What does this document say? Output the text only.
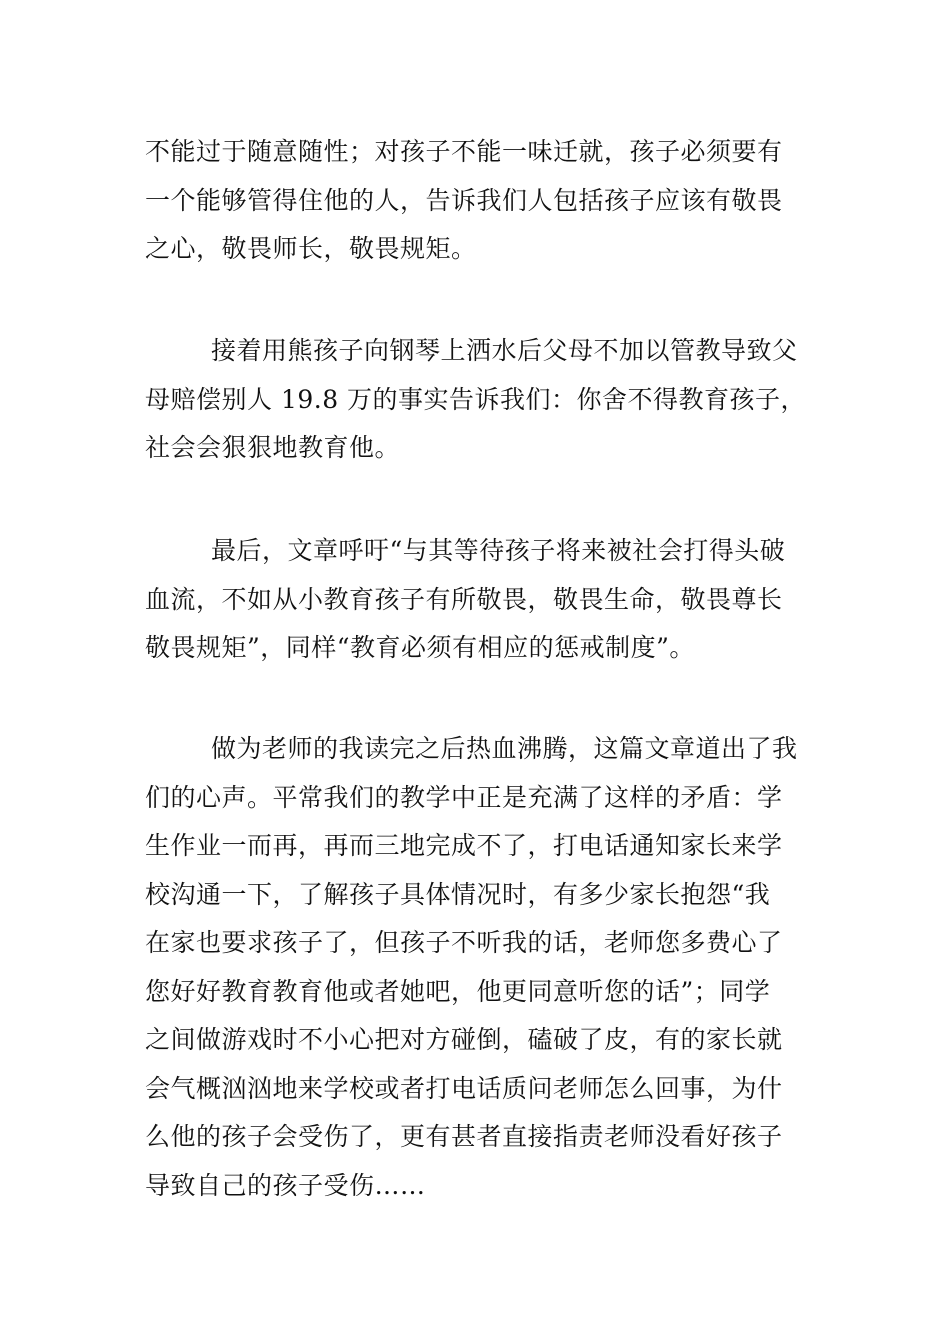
不能过于随意随性；对孩子不能一味迁就，孩子必须要有
一个能够管得住他的人，告诉我们人包括孩子应该有敬畏
之心，敬畏师长，敬畏规矩。
接着用熊孩子向钢琴上洒水后父母不加以管教导致父
母赔偿别人 19.8 万的事实告诉我们：你舍不得教育孩子，
社会会狠狠地教育他。
最后，文章呼吁“与其等待孩子将来被社会打得头破
血流，不如从小教育孩子有所敬畏，敬畏生命，敬畏尊长
敬畏规矩”，同样“教育必须有相应的惩戒制度”。
做为老师的我读完之后热血沸腾，这篇文章道出了我
们的心声。平常我们的教学中正是充满了这样的矛盾：学
生作业一而再，再而三地完成不了，打电话通知家长来学
校沟通一下，了解孩子具体情况时，有多少家长抱怨“我
在家也要求孩子了，但孩子不听我的话，老师您多费心了
您好好教育教育他或者她吧，他更同意听您的话”；同学
之间做游戏时不小心把对方碰倒，磕破了皮，有的家长就
会气概汹汹地来学校或者打电话质问老师怎么回事，为什
么他的孩子会受伤了，更有甚者直接指责老师没看好孩子
导致自己的孩子受伤……
